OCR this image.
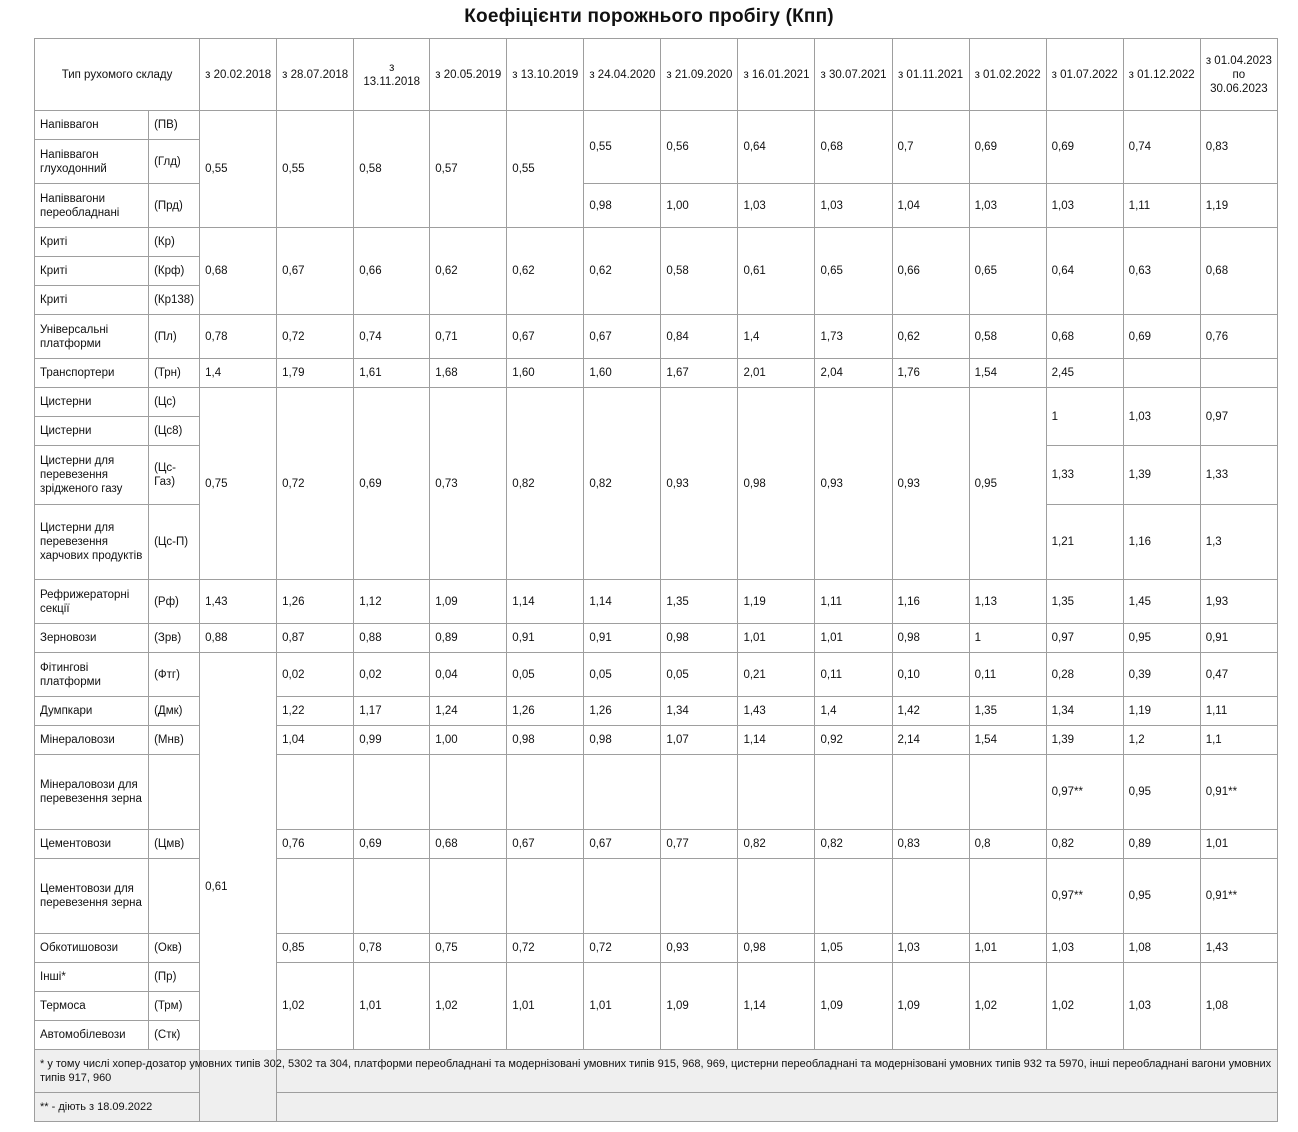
Коефіцієнти порожнього пробігу (Кпп)
Тип рухомого складу		з 20.02.2018	з 28.07.2018	з 13.11.2018	з 20.05.2019	з 13.10.2019	з 24.04.2020	з 21.09.2020	з 16.01.2021	з 30.07.2021	з 01.11.2021	з 01.02.2022	з 01.07.2022	з 01.12.2022	з 01.04.2023 по 30.06.2023
Напіввагон	(ПВ)	0,55	0,55	0,58	0,57	0,55	0,55	0,56	0,64	0,68	0,7	0,69	0,69	0,74	0,83
Напіввагон глуходонний	(Глд)														
Напіввагони переобладнані	(Прд)						0,98	1,00	1,03	1,03	1,04	1,03	1,03	1,11	1,19
Криті	(Кр)	0,68	0,67	0,66	0,62	0,62	0,62	0,58	0,61	0,65	0,66	0,65	0,64	0,63	0,68
Криті	(Крф)														
Криті	(Кр138)														
Універсальні платформи	(Пл)	0,78	0,72	0,74	0,71	0,67	0,67	0,84	1,4	1,73	0,62	0,58	0,68	0,69	0,76
Транспортери	(Трн)	1,4	1,79	1,61	1,68	1,60	1,60	1,67	2,01	2,04	1,76	1,54	2,45		
Цистерни	(Цс)	0,75	0,72	0,69	0,73	0,82	0,82	0,93	0,98	0,93	0,93	0,95	1	1,03	0,97
Цистерни	(Цс8)														
Цистерни для перевезення зрідженого газу	(Цс-Газ)												1,33	1,39	1,33
Цистерни для перевезення харчових продуктів	(Цс-П)												1,21	1,16	1,3
Рефрижераторні секції	(Рф)	1,43	1,26	1,12	1,09	1,14	1,14	1,35	1,19	1,11	1,16	1,13	1,35	1,45	1,93
Зерновози	(Зрв)	0,88	0,87	0,88	0,89	0,91	0,91	0,98	1,01	1,01	0,98	1	0,97	0,95	0,91
Фітингові платформи	(Фтг)	0,61	0,02	0,02	0,04	0,05	0,05	0,05	0,21	0,11	0,10	0,11	0,28	0,39	0,47
Думпкари	(Дмк)		1,22	1,17	1,24	1,26	1,26	1,34	1,43	1,4	1,42	1,35	1,34	1,19	1,11
Мінераловози	(Мнв)		1,04	0,99	1,00	0,98	0,98	1,07	1,14	0,92	2,14	1,54	1,39	1,2	1,1
Мінераловози для перевезення зерна													0,97**	0,95	0,91**
Цементовози	(Цмв)		0,76	0,69	0,68	0,67	0,67	0,77	0,82	0,82	0,83	0,8	0,82	0,89	1,01
Цементовози для перевезення зерна													0,97**	0,95	0,91**
Обкотишовози	(Окв)		0,85	0,78	0,75	0,72	0,72	0,93	0,98	1,05	1,03	1,01	1,03	1,08	1,43
Інші*	(Пр)		1,02	1,01	1,02	1,01	1,01	1,09	1,14	1,09	1,09	1,02	1,02	1,03	1,08
Термоса	(Трм)														
Автомобілевози	(Стк)														
* у тому числі хопер-дозатор умовних типів 302, 5302 та 304, платформи переобладнані та модернізовані умовних типів 915, 968, 969, цистерни переобладнані та модернізовані умовних типів 932 та 5970, інші переобладнані вагони умовних типів 917, 960															
** - діють з 18.09.2022															
